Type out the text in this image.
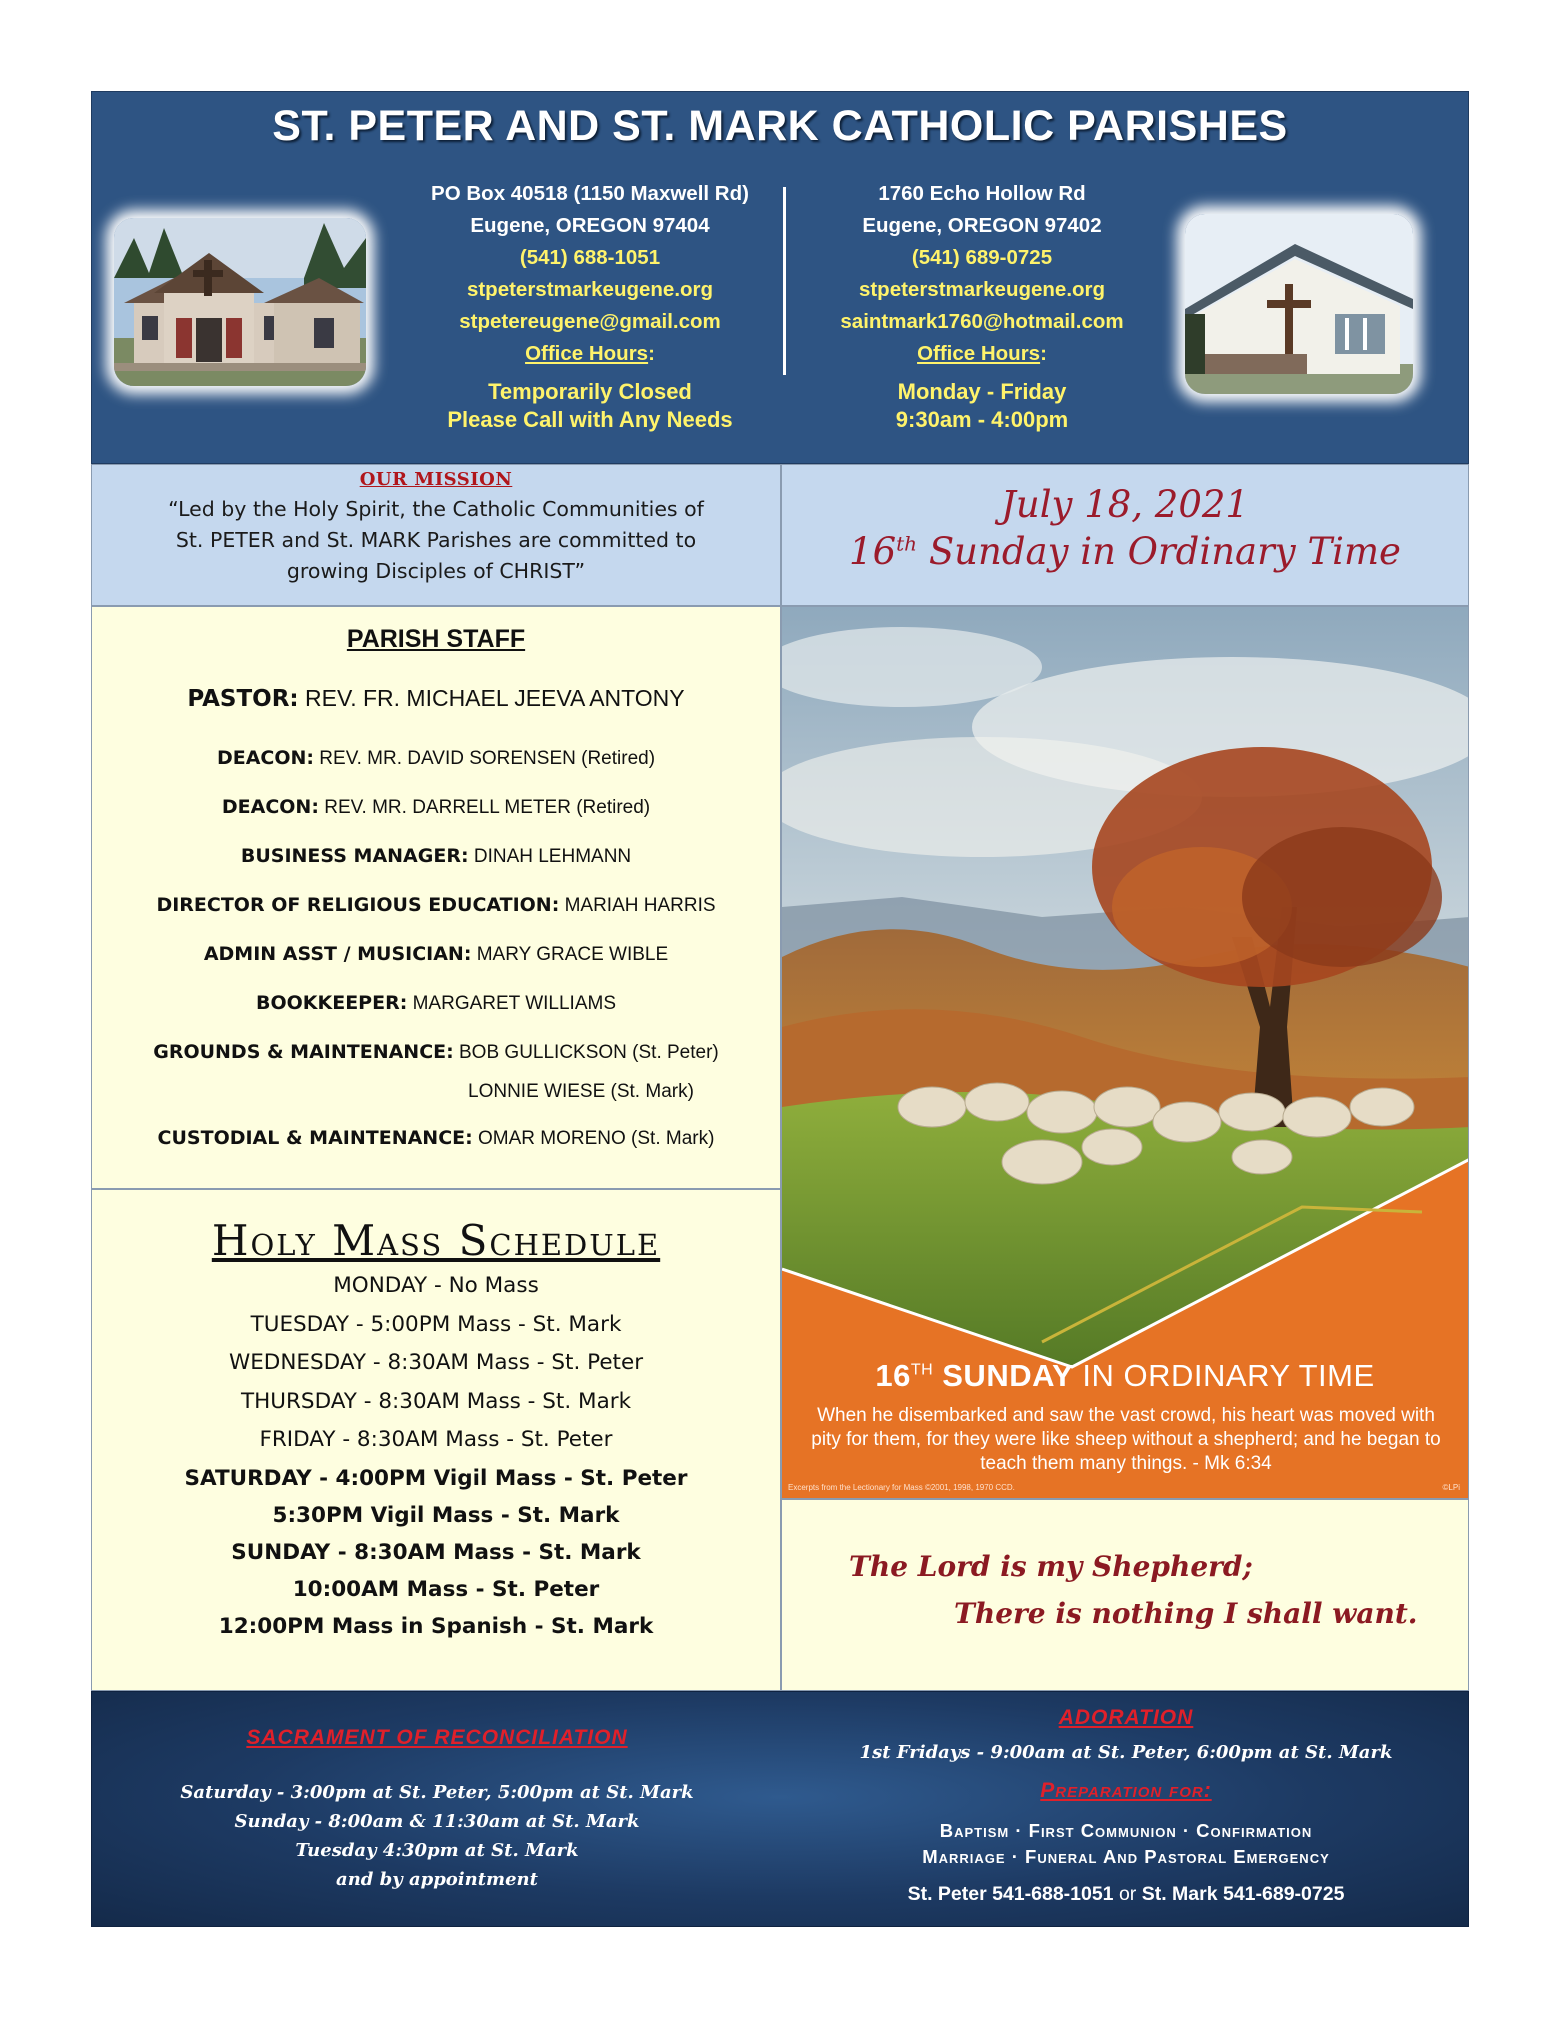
ST. PETER AND ST. MARK CATHOLIC PARISHES
PO Box 40518 (1150 Maxwell Rd)
Eugene, OREGON 97404
(541) 688-1051
stpeterstmarkeugene.org
stpetereugene@gmail.com
Office Hours:
Temporarily Closed
Please Call with Any Needs
1760 Echo Hollow Rd
Eugene, OREGON 97402
(541) 689-0725
stpeterstmarkeugene.org
saintmark1760@hotmail.com
Office Hours:
Monday - Friday
9:30am - 4:00pm
OUR MISSION
“Led by the Holy Spirit, the Catholic Communities of
St. PETER and St. MARK Parishes are committed to
growing Disciples of CHRIST”
July 18, 2021
16th Sunday in Ordinary Time
PARISH STAFF
PASTOR: REV. FR. MICHAEL JEEVA ANTONY
DEACON: REV. MR. DAVID SORENSEN (Retired)
DEACON: REV. MR. DARRELL METER (Retired)
BUSINESS MANAGER: DINAH LEHMANN
DIRECTOR OF RELIGIOUS EDUCATION: MARIAH HARRIS
ADMIN ASST / MUSICIAN: MARY GRACE WIBLE
BOOKKEEPER: MARGARET WILLIAMS
GROUNDS & MAINTENANCE: BOB GULLICKSON (St. Peter)
LONNIE WIESE (St. Mark)
CUSTODIAL & MAINTENANCE: OMAR MORENO (St. Mark)
Holy Mass Schedule
MONDAY - No Mass
TUESDAY - 5:00PM Mass - St. Mark
WEDNESDAY - 8:30AM Mass - St. Peter
THURSDAY - 8:30AM Mass - St. Mark
FRIDAY - 8:30AM Mass - St. Peter
SATURDAY - 4:00PM Vigil Mass - St. Peter
5:30PM Vigil Mass - St. Mark
SUNDAY - 8:30AM Mass - St. Mark
10:00AM Mass - St. Peter
12:00PM Mass in Spanish - St. Mark
16TH SUNDAY IN ORDINARY TIME
When he disembarked and saw the vast crowd, his heart was moved with pity for them, for they were like sheep without a shepherd; and he began to teach them many things. - Mk 6:34
Excerpts from the Lectionary for Mass ©2001, 1998, 1970 CCD.	©LPi
The Lord is my Shepherd;
There is nothing I shall want.
SACRAMENT OF RECONCILIATION
Saturday - 3:00pm at St. Peter, 5:00pm at St. Mark
Sunday - 8:00am & 11:30am at St. Mark
Tuesday 4:30pm at St. Mark
and by appointment
ADORATION
1st Fridays - 9:00am at St. Peter, 6:00pm at St. Mark
Preparation for:
Baptism · First Communion · Confirmation
Marriage · Funeral And Pastoral Emergency
St. Peter 541-688-1051 or St. Mark 541-689-0725
